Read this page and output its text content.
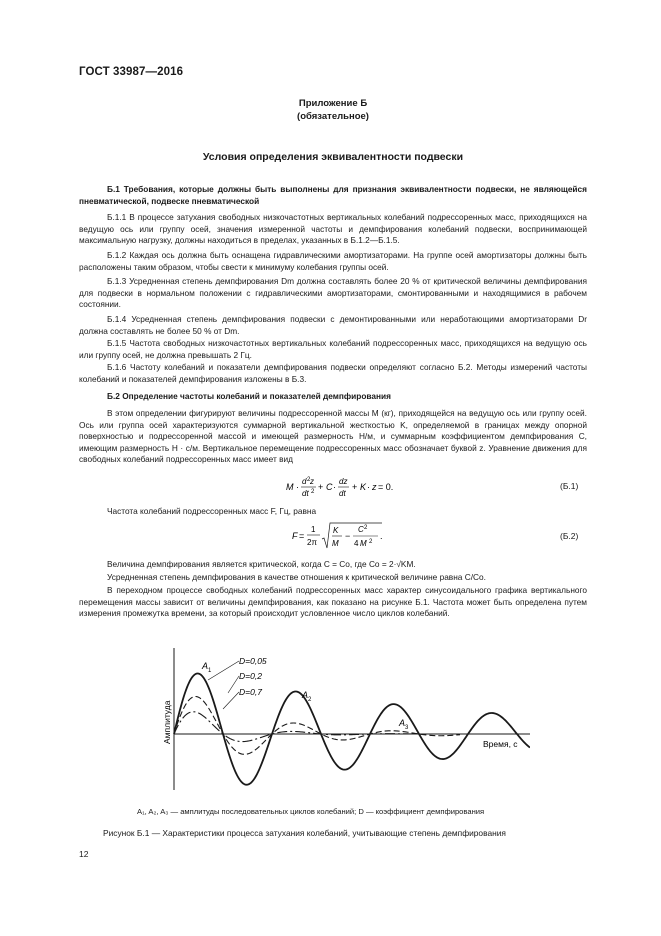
ГОСТ 33987—2016
Приложение Б
(обязательное)
Условия определения эквивалентности подвески
Б.1 Требования, которые должны быть выполнены для признания эквивалентности подвески, не являющейся пневматической, подвеске пневматической
Б.1.1 В процессе затухания свободных низкочастотных вертикальных колебаний подрессоренных масс, приходящихся на ведущую ось или группу осей, значения измеренной частоты и демпфирования колебаний подвески, воспринимающей максимальную нагрузку, должны находиться в пределах, указанных в Б.1.2—Б.1.5.
Б.1.2 Каждая ось должна быть оснащена гидравлическими амортизаторами. На группе осей амортизаторы должны быть расположены таким образом, чтобы свести к минимуму колебания группы осей.
Б.1.3 Усредненная степень демпфирования Dm должна составлять более 20 % от критической величины демпфирования для подвески в нормальном положении с гидравлическими амортизаторами, смонтированными и находящимися в рабочем состоянии.
Б.1.4 Усредненная степень демпфирования подвески с демонтированными или неработающими амортизаторами Dr должна составлять не более 50 % от Dm.
Б.1.5 Частота свободных низкочастотных вертикальных колебаний подрессоренных масс, приходящихся на ведущую ось или группу осей, не должна превышать 2 Гц.
Б.1.6 Частоту колебаний и показатели демпфирования подвески определяют согласно Б.2. Методы измерений частоты колебаний и показателей демпфирования изложены в Б.3.
Б.2 Определение частоты колебаний и показателей демпфирования
В этом определении фигурируют величины подрессоренной массы M (кг), приходящейся на ведущую ось или группу осей. Ось или группа осей характеризуются суммарной вертикальной жесткостью K, определяемой в границах между опорной поверхностью и подрессоренной массой и имеющей размерность Н/м, и суммарным коэффициентом демпфирования C, имеющим размерность Н · с/м. Вертикальное перемещение подрессоренных масс обозначает буквой z. Уравнение движения для свободных колебаний подрессоренных масс имеет вид
M ·
d 2 z
dt 2 + C ·
dz
dt
+ K · z = 0.	(Б.1)
Частота колебаний подрессоренных масс F, Гц, равна
F =
1
2π
K
M
−
C 2
4 M 2
.	(Б.2)
Величина демпфирования является критической, когда C = Co, где Co = 2·√KM.
Усредненная степень демпфирования в качестве отношения к критической величине равна C/Co.
В переходном процессе свободных колебаний подрессоренных масс характер синусоидального графика вертикального перемещения массы зависит от величины демпфирования, как показано на рисунке Б.1. Частота может быть определена путем измерения промежутка времени, за который происходит условленное число циклов колебаний.
D=0,05
D=0,2
D=0,7
A 1
A 2
A 3
Время, с
Амплитуда
A₁, A₂, A₃ — амплитуды последовательных циклов колебаний; D — коэффициент демпфирования
Рисунок Б.1 — Характеристики процесса затухания колебаний, учитывающие степень демпфирования
12
